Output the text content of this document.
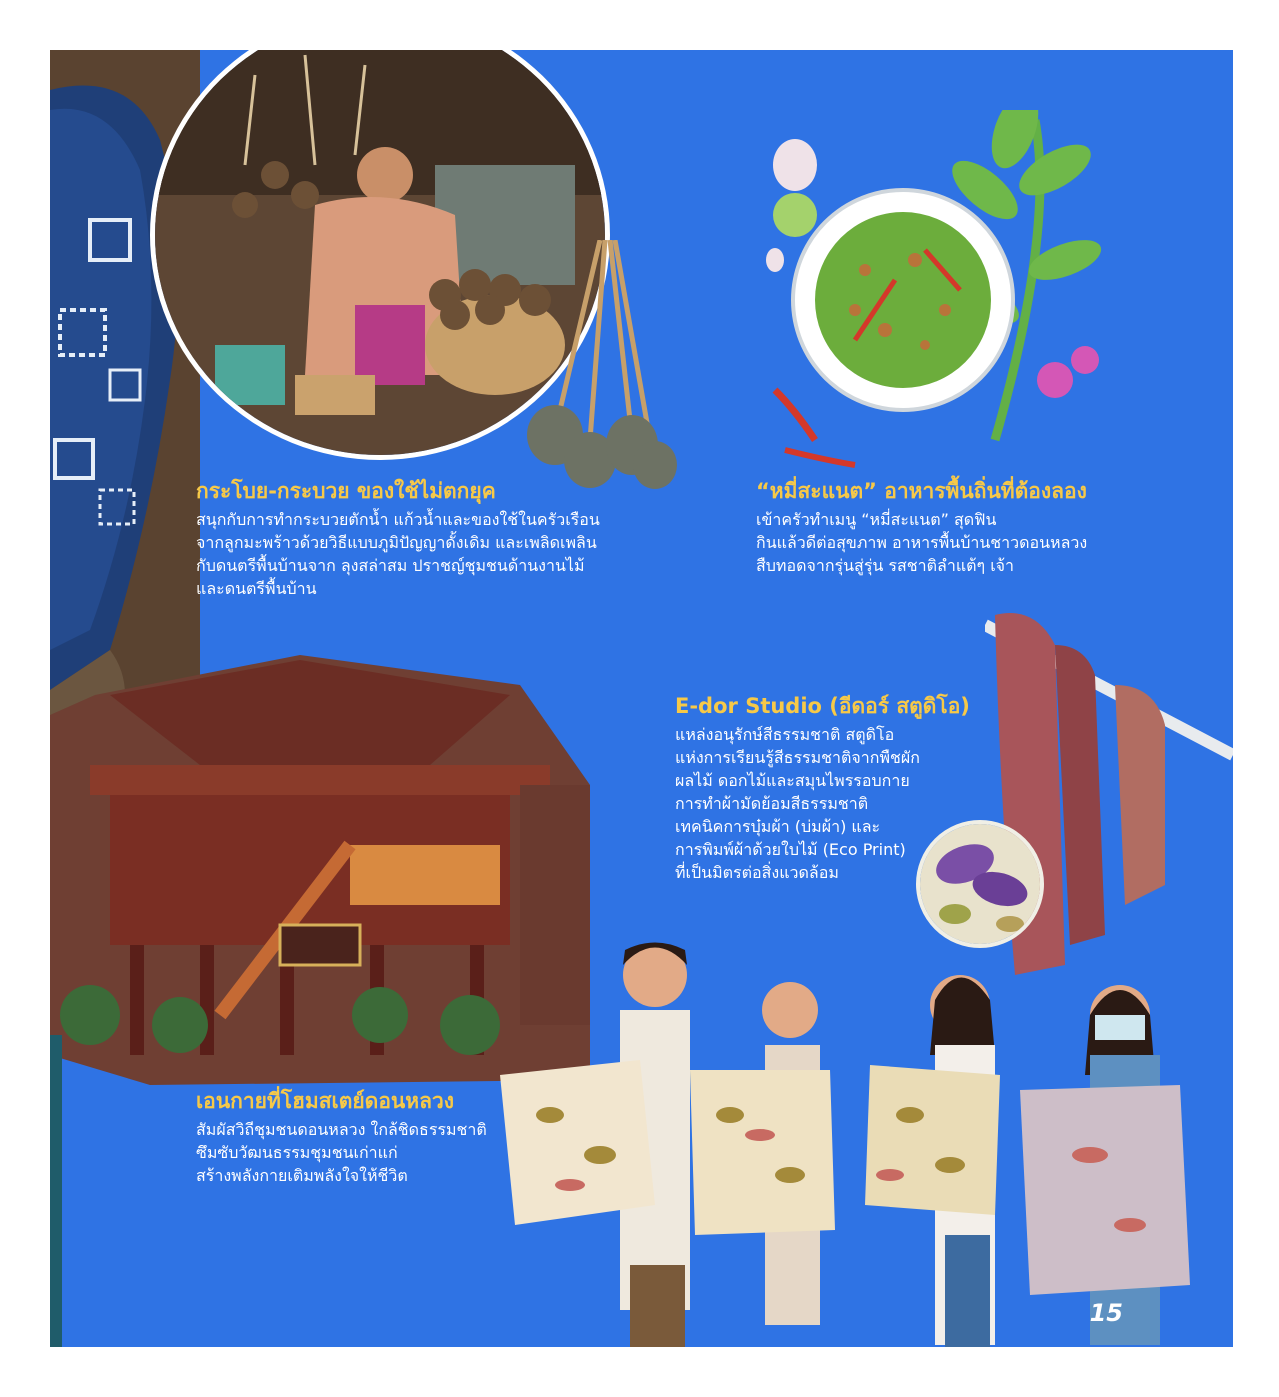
กระโบย-กระบวย ของใช้ไม่ตกยุค

สนุกกับการทำกระบวยตักน้ำ แก้วน้ำและของใช้ในครัวเรือน
จากลูกมะพร้าวด้วยวิธีแบบภูมิปัญญาดั้งเดิม และเพลิดเพลิน
กับดนตรีพื้นบ้านจาก ลุงสล่าสม ปราชญ์ชุมชนด้านงานไม้
และดนตรีพื้นบ้าน

“หมี่สะแนต” อาหารพื้นถิ่นที่ต้องลอง

เข้าครัวทำเมนู “หมี่สะแนต” สุดฟิน
กินแล้วดีต่อสุขภาพ อาหารพื้นบ้านชาวดอนหลวง
สืบทอดจากรุ่นสู่รุ่น รสชาติลำแต้ๆ เจ้า

E-dor Studio (อีดอร์ สตูดิโอ)

แหล่งอนุรักษ์สีธรรมชาติ สตูดิโอ
แห่งการเรียนรู้สีธรรมชาติจากพืชผัก
ผลไม้ ดอกไม้และสมุนไพรรอบกาย
การทำผ้ามัดย้อมสีธรรมชาติ
เทคนิคการบุ๋มผ้า (บ่มผ้า) และ
การพิมพ์ผ้าด้วยใบไม้ (Eco Print)
ที่เป็นมิตรต่อสิ่งแวดล้อม

เอนกายที่โฮมสเตย์ดอนหลวง

สัมผัสวิถีชุมชนดอนหลวง ใกล้ชิดธรรมชาติ
ซึมซับวัฒนธรรมชุมชนเก่าแก่
สร้างพลังกายเติมพลังใจให้ชีวิต

15
